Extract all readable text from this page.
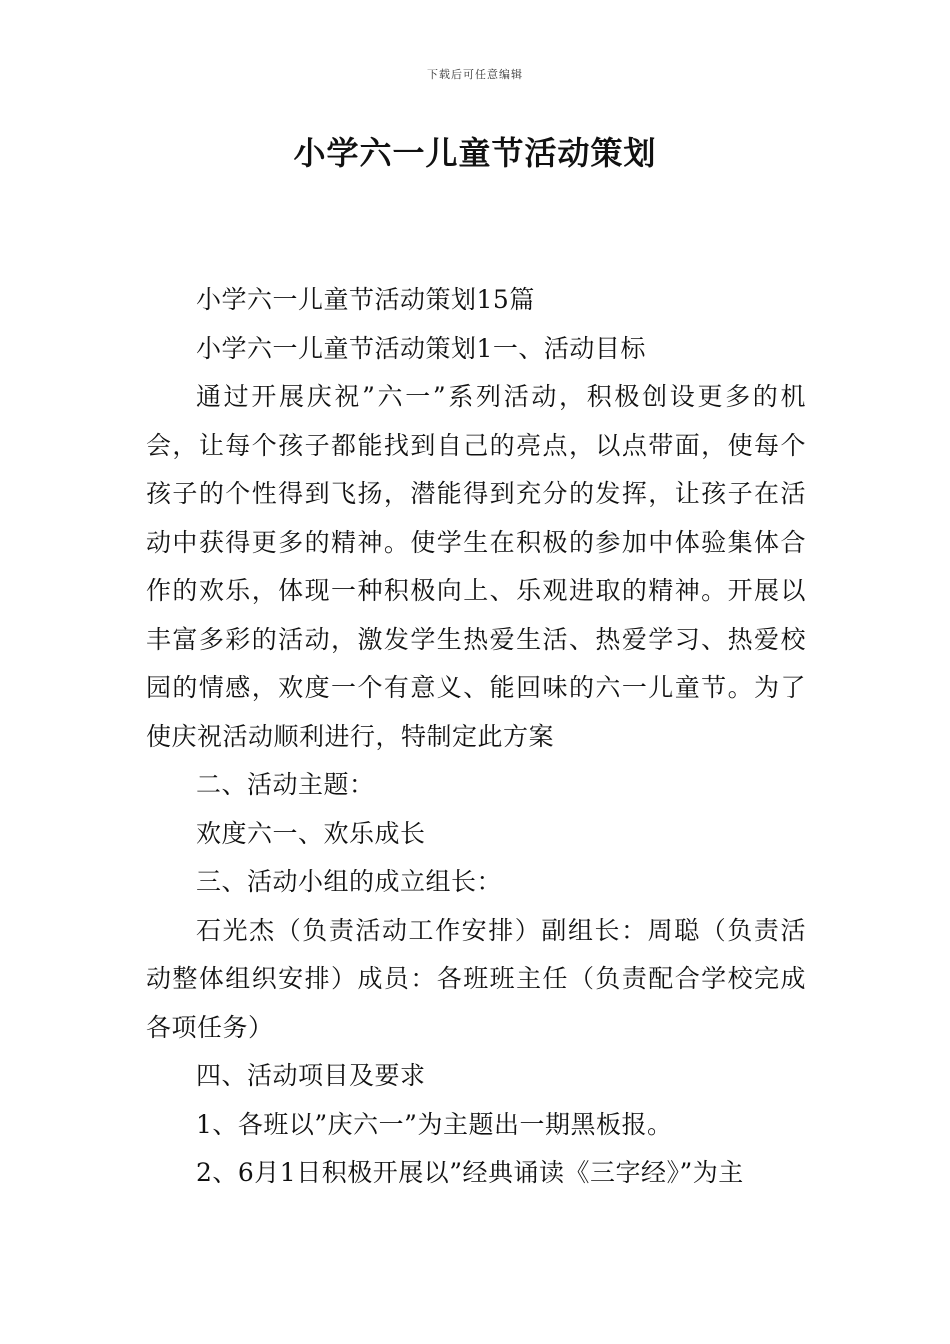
下载后可任意编辑
小学六一儿童节活动策划

小学六一儿童节活动策划15篇

小学六一儿童节活动策划1一、活动目标

通过开展庆祝”六一”系列活动，积极创设更多的机会，让每个孩子都能找到自己的亮点，以点带面，使每个孩子的个性得到飞扬，潜能得到充分的发挥，让孩子在活动中获得更多的精神。使学生在积极的参加中体验集体合作的欢乐，体现一种积极向上、乐观进取的精神。开展以丰富多彩的活动，激发学生热爱生活、热爱学习、热爱校园的情感，欢度一个有意义、能回味的六一儿童节。为了使庆祝活动顺利进行，特制定此方案

二、活动主题：

欢度六一、欢乐成长

三、活动小组的成立组长：

石光杰（负责活动工作安排）副组长：周聪（负责活动整体组织安排）成员：各班班主任（负责配合学校完成各项任务）

四、活动项目及要求

1、各班以”庆六一”为主题出一期黑板报。

2、6月1日积极开展以”经典诵读《三字经》”为主
